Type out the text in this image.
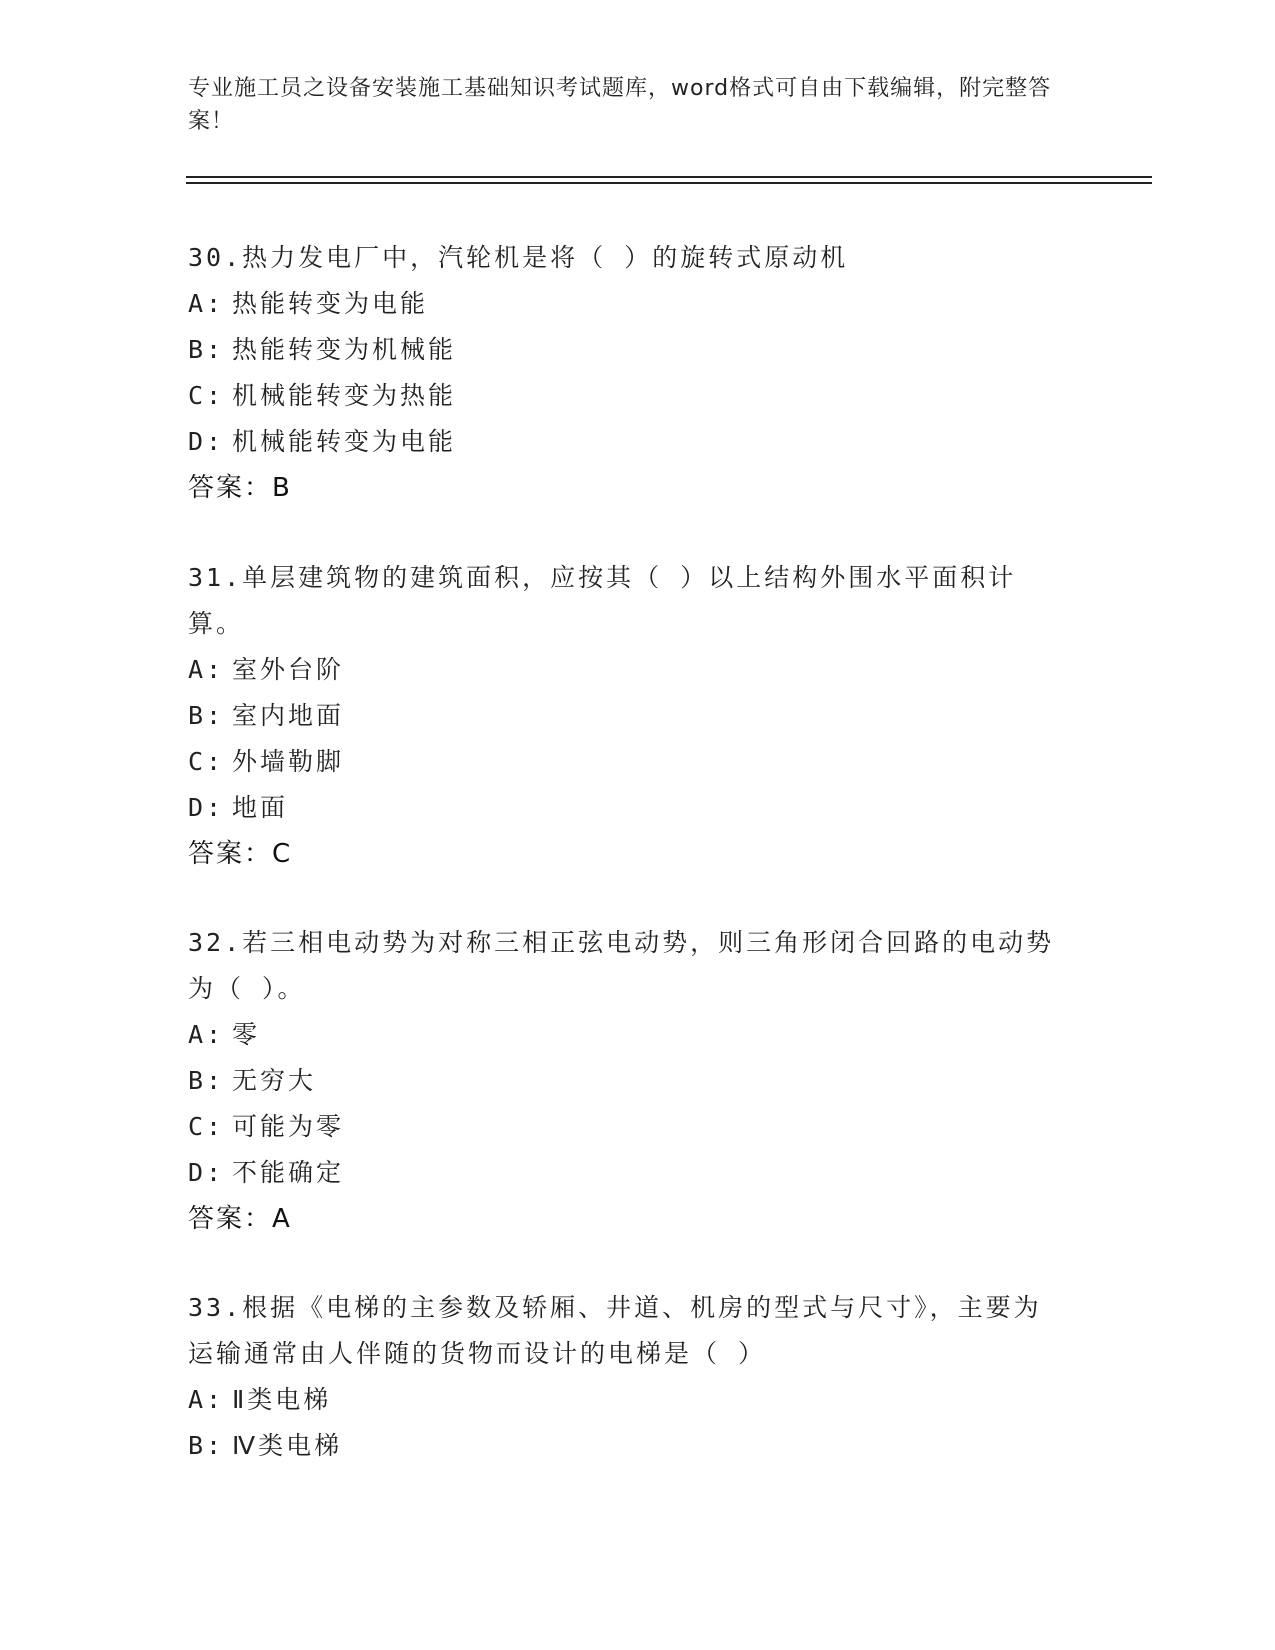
专业施工员之设备安装施工基础知识考试题库，word格式可自由下载编辑，附完整答案！

30.热力发电厂中，汽轮机是将（ ）的旋转式原动机

A: 热能转变为电能
B: 热能转变为机械能
C: 机械能转变为热能
D: 机械能转变为电能
答案：B

31.单层建筑物的建筑面积，应按其（ ）以上结构外围水平面积计算。

A: 室外台阶
B: 室内地面
C: 外墙勒脚
D: 地面
答案：C

32.若三相电动势为对称三相正弦电动势，则三角形闭合回路的电动势为（ ）。

A: 零
B: 无穷大
C: 可能为零
D: 不能确定
答案：A

33.根据《电梯的主参数及轿厢、井道、机房的型式与尺寸》，主要为运输通常由人伴随的货物而设计的电梯是（ ）

A: Ⅱ类电梯
B: Ⅳ类电梯
